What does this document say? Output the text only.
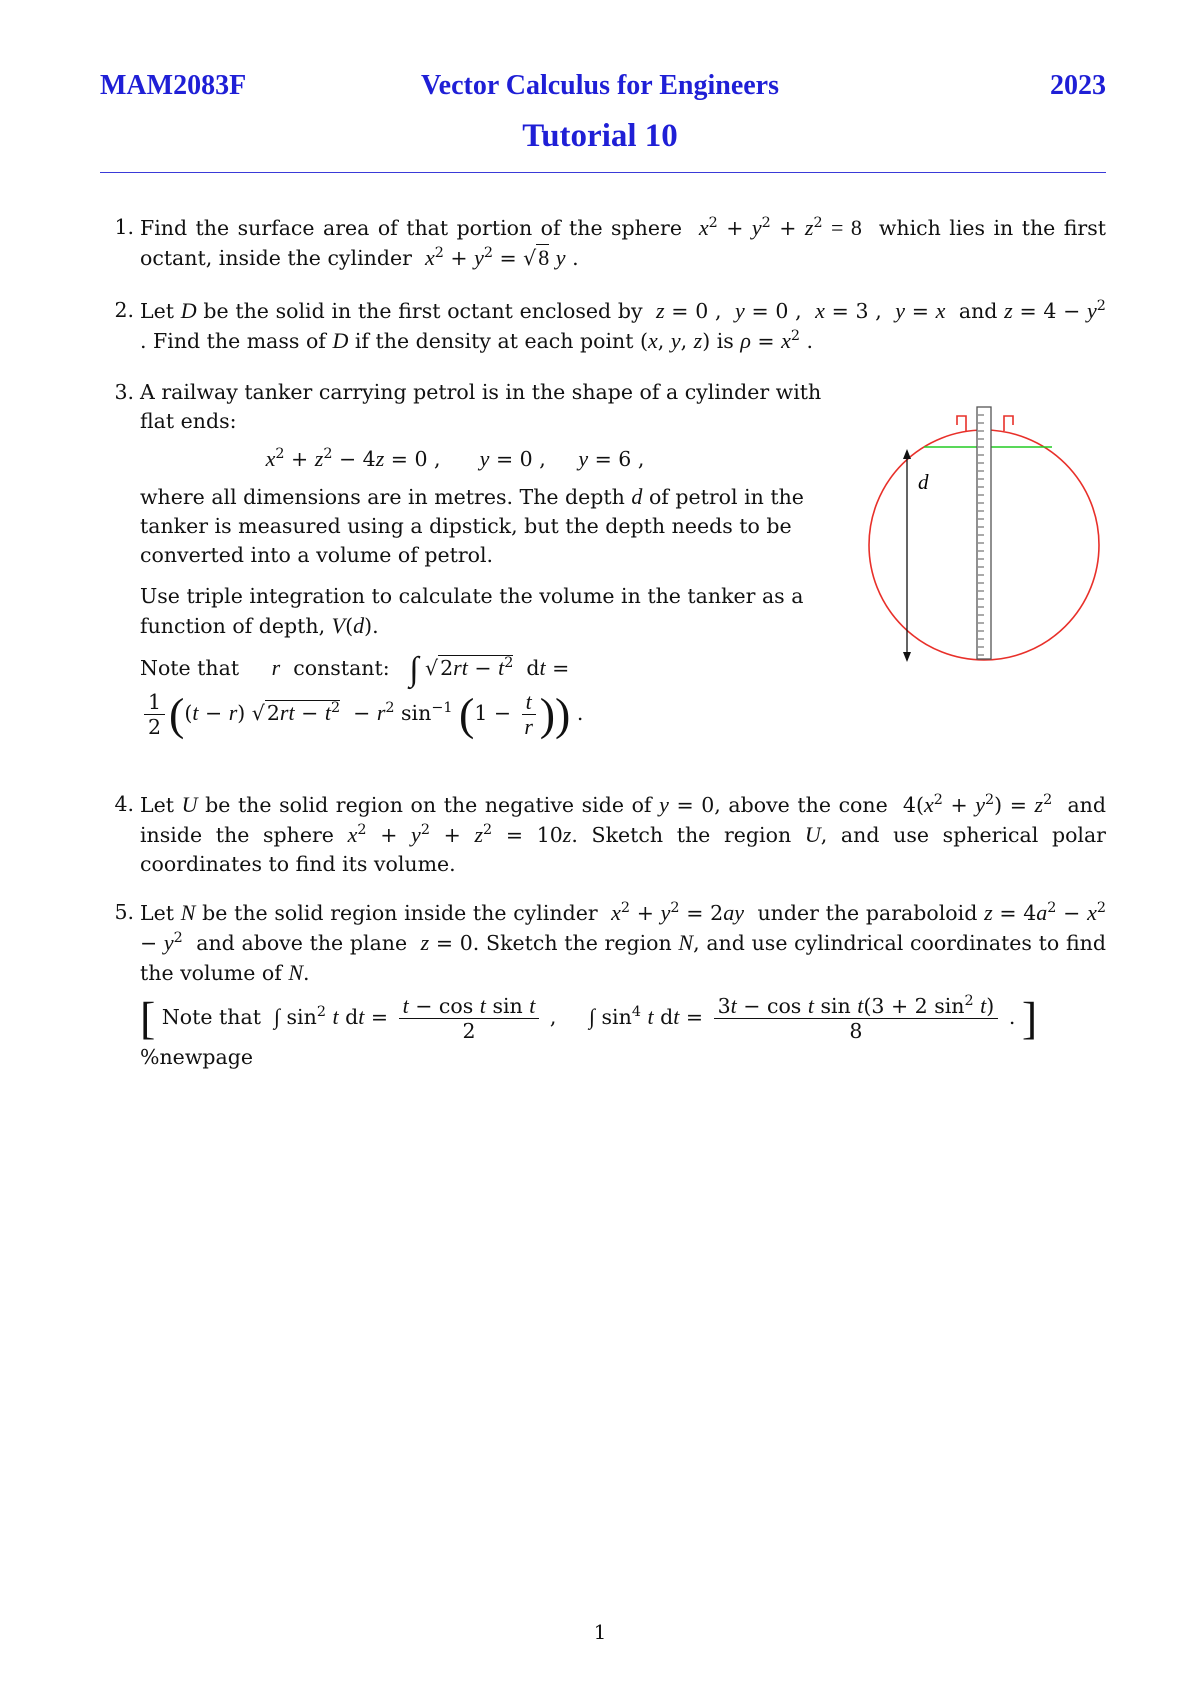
MAM2083F	Vector Calculus for Engineers	2023
Tutorial 10
1. Find the surface area of that portion of the sphere $x^2 + y^2 + z^2 = 8$ which lies in the first octant, inside the cylinder $x^2 + y^2 = √8$ y .
2. Let D be the solid in the first octant enclosed by z = 0 ,  y = 0 ,  x = 3 ,  y = x and $z = 4 - y^2$ . Find the mass of D if the density at each point (x, y, z) is $\rho = x^2$ .
3. A railway tanker carrying petrol is in the shape of a cylinder with flat ends:

$x^2 + z^2 - 4z = 0$ ,      y = 0 ,     y = 6 ,

where all dimensions are in metres. The depth d of petrol in the tanker is measured using a dipstick, but the depth needs to be converted into a volume of petrol.

Use triple integration to calculate the volume in the tanker as a function of depth, V(d).

Note that r constant: ∫ $√2rt - t^2$  dt =

$\frac{1}{2} ((t - r) √2rt - t^2 - r^2$ $\sin^{-1} (1 - \frac{t}{r}$ )) .

d
4. Let U be the solid region on the negative side of y = 0, above the cone  $4(x^2 + y^2) = z^2$ and inside the sphere $x^2 + y^2 + z^2 = 10z$. Sketch the region U, and use spherical polar coordinates to find its volume.
5. Let N be the solid region inside the cylinder $x^2 + y^2 = 2ay$ under the paraboloid $z = 4a^2 - x^2 - y^2$ and above the plane z = 0. Sketch the region N, and use cylindrical coordinates to find the volume of N.
[ Note that ∫ $\sin^2 t$ dt = $\frac{\text{t − cos t sin t}}{2}$ ,     ∫ $\sin^4 t$ dt = $\frac{3t - \cos t \sin t(3 + 2 \sin^2 t)}{8}$ . ]
%newpage
1
